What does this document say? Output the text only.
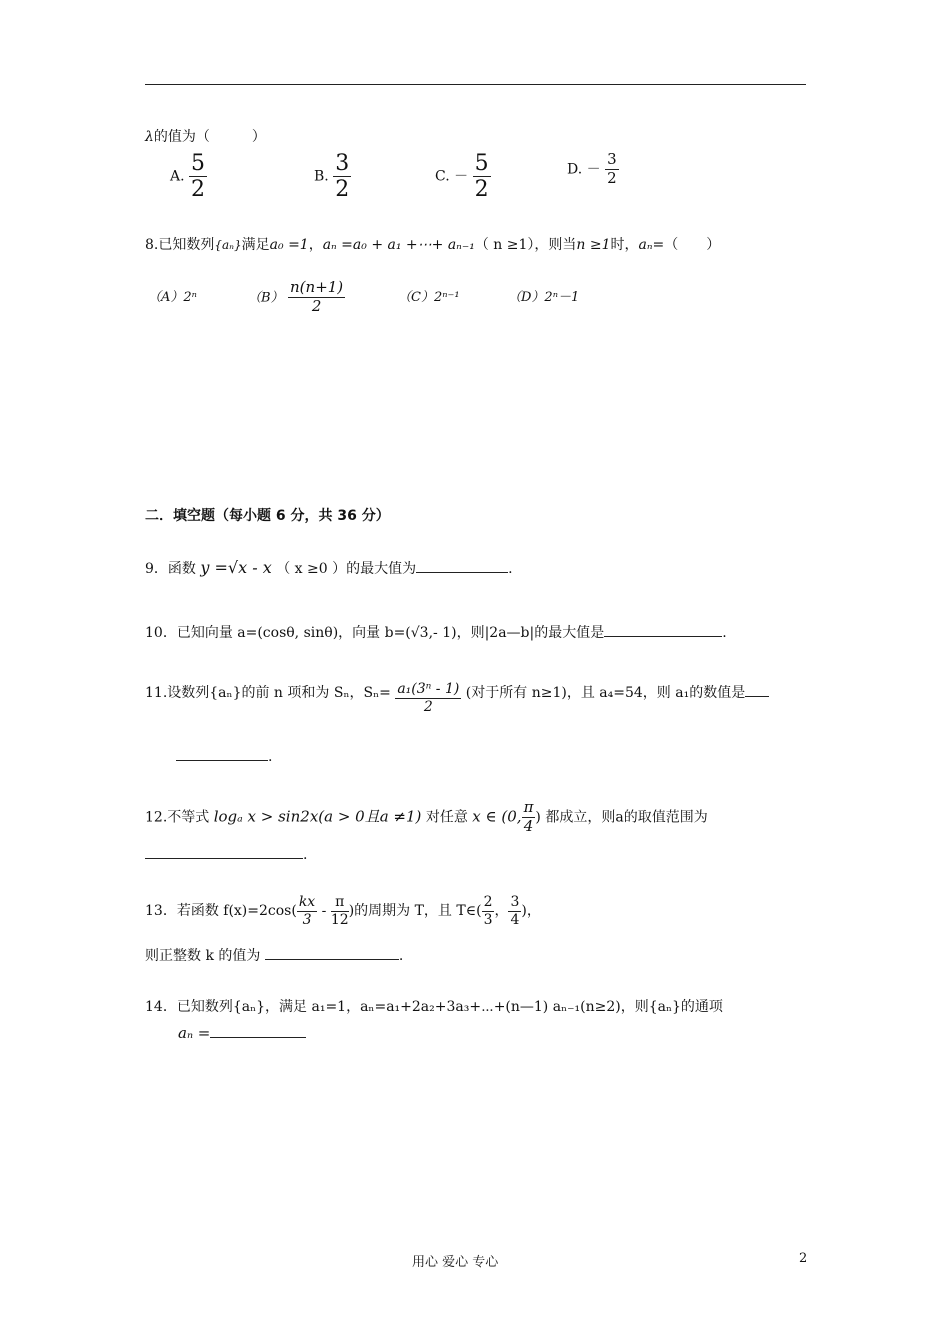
λ的值为（　　　）
A. $\frac{5}{2}$	B. $\frac{3}{2}$	C. － $\frac{5}{2}$	D. － $\frac{3}{2}$
8.已知数列{aₙ}满足a₀ =1，aₙ =a₀ + a₁ +⋯+ aₙ₋₁（ n ≥1），则当n ≥1时，aₙ=（　　）
（A）2ⁿ	$(B) \frac{n(n+1)}{2}$	（C）2ⁿ⁻¹	（D）2ⁿ－1
二．填空题（每小题 6 分，共 36 分）
9．函数 y =√x - x （ x ≥0 ）的最大值为	.
10．已知向量 a=(cosθ, sinθ)，向量 b=(√3,- 1)，则|2a—b|的最大值是	.
11.设数列{aₙ}的前 n 项和为 Sₙ，$S_n= \frac{\text{a₁(3ⁿ - 1)}}{2}$ (对于所有 n≥1)，且 a₄=54，则 a₁的数值是
.
12.不等式 logₐ x > sin2x(a > 0且a ≠1) 对任意 x ∈ (0, $\frac{\pi}{4}$ ) 都成立，则a的取值范围为
.
13．若函数 $f(x)=2\cos( \frac{kx}{3} - \frac{\pi}{12}$ )的周期为 T，且 T∈( $\frac{2}{3}$ ， $\frac{3}{4}$ )，
则正整数 k 的值为	.
14．已知数列{aₙ}，满足 a₁=1，aₙ=a₁+2a₂+3a₃+⋯+(n—1) aₙ₋₁(n≥2)，则{aₙ}的通项
aₙ =
用心 爱心 专心	2
